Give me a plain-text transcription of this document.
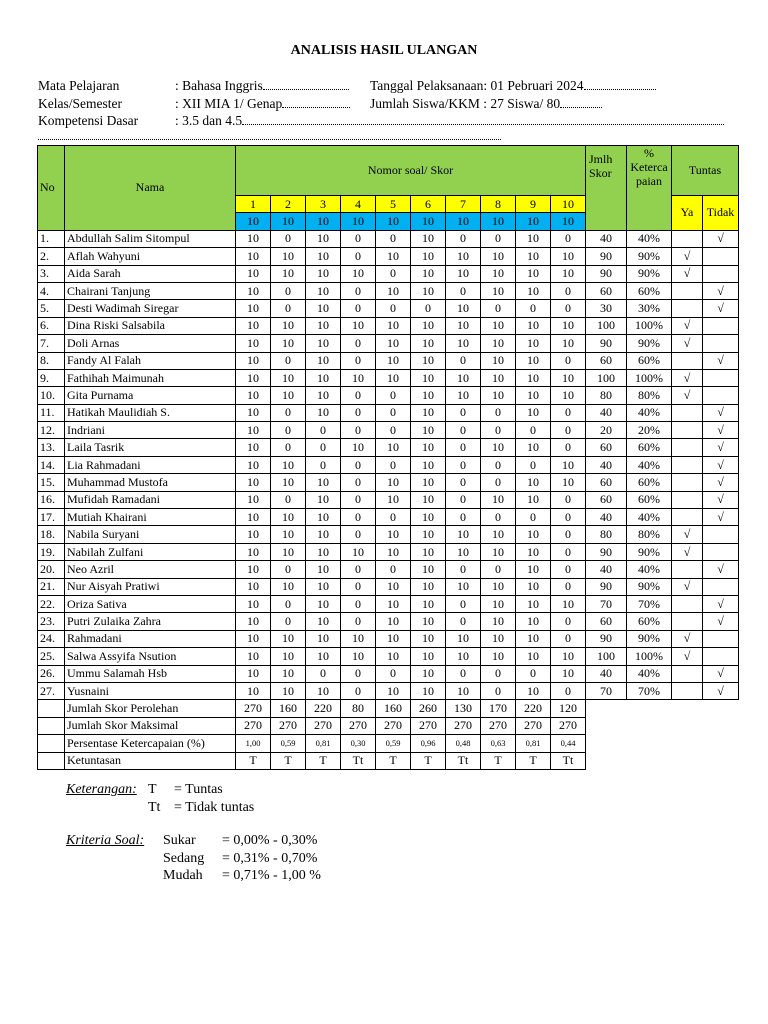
ANALISIS HASIL ULANGAN
Mata Pelajaran	: Bahasa Inggris	Tanggal Pelaksanaan: 01 Pebruari 2024
Kelas/Semester	: XII MIA 1/ Genap	Jumlah Siswa/KKM : 27 Siswa/ 80
Kompetensi Dasar	: 3.5 dan 4.5
No	Nama	Nomor soal/ Skor										Jmlh
Skor	%
Keterca
paian	Tuntas	
		1	2	3	4	5	6	7	8	9	10			Ya	Tidak
		10	10	10	10	10	10	10	10	10	10				
1.	Abdullah Salim Sitompul	10	0	10	0	0	10	0	0	10	0	40	40%		√
2.	Aflah Wahyuni	10	10	10	0	10	10	10	10	10	10	90	90%	√	
3.	Aida Sarah	10	10	10	10	0	10	10	10	10	10	90	90%	√	
4.	Chairani Tanjung	10	0	10	0	10	10	0	10	10	0	60	60%		√
5.	Desti Wadimah Siregar	10	0	10	0	0	0	10	0	0	0	30	30%		√
6.	Dina Riski Salsabila	10	10	10	10	10	10	10	10	10	10	100	100%	√	
7.	Doli Arnas	10	10	10	0	10	10	10	10	10	10	90	90%	√	
8.	Fandy Al Falah	10	0	10	0	10	10	0	10	10	0	60	60%		√
9.	Fathihah Maimunah	10	10	10	10	10	10	10	10	10	10	100	100%	√	
10.	Gita Purnama	10	10	10	0	0	10	10	10	10	10	80	80%	√	
11.	Hatikah Maulidiah S.	10	0	10	0	0	10	0	0	10	0	40	40%		√
12.	Indriani	10	0	0	0	0	10	0	0	0	0	20	20%		√
13.	Laila Tasrik	10	0	0	10	10	10	0	10	10	0	60	60%		√
14.	Lia Rahmadani	10	10	0	0	0	10	0	0	0	10	40	40%		√
15.	Muhammad Mustofa	10	10	10	0	10	10	0	0	10	10	60	60%		√
16.	Mufidah Ramadani	10	0	10	0	10	10	0	10	10	0	60	60%		√
17.	Mutiah Khairani	10	10	10	0	0	10	0	0	0	0	40	40%		√
18.	Nabila Suryani	10	10	10	0	10	10	10	10	10	0	80	80%	√	
19.	Nabilah Zulfani	10	10	10	10	10	10	10	10	10	0	90	90%	√	
20.	Neo Azril	10	0	10	0	0	10	0	0	10	0	40	40%		√
21.	Nur Aisyah Pratiwi	10	10	10	0	10	10	10	10	10	0	90	90%	√	
22.	Oriza Sativa	10	0	10	0	10	10	0	10	10	10	70	70%		√
23.	Putri Zulaika Zahra	10	0	10	0	10	10	0	10	10	0	60	60%		√
24.	Rahmadani	10	10	10	10	10	10	10	10	10	0	90	90%	√	
25.	Salwa Assyifa Nsution	10	10	10	10	10	10	10	10	10	10	100	100%	√	
26.	Ummu Salamah Hsb	10	10	0	0	0	10	0	0	0	10	40	40%		√
27.	Yusnaini	10	10	10	0	10	10	10	0	10	0	70	70%		√
	Jumlah Skor Perolehan	270	160	220	80	160	260	130	170	220	120				
	Jumlah Skor Maksimal	270	270	270	270	270	270	270	270	270	270				
	Persentase Ketercapaian (%)	1,00	0,59	0,81	0,30	0,59	0,96	0,48	0,63	0,81	0,44				
	Ketuntasan	T	T	T	Tt	T	T	Tt	T	T	Tt				
Keterangan: T = Tuntas
Tt = Tidak tuntas
Kriteria Soal: Sukar = 0,00% - 0,30%
Sedang = 0,31% - 0,70%
Mudah = 0,71% - 1,00 %
